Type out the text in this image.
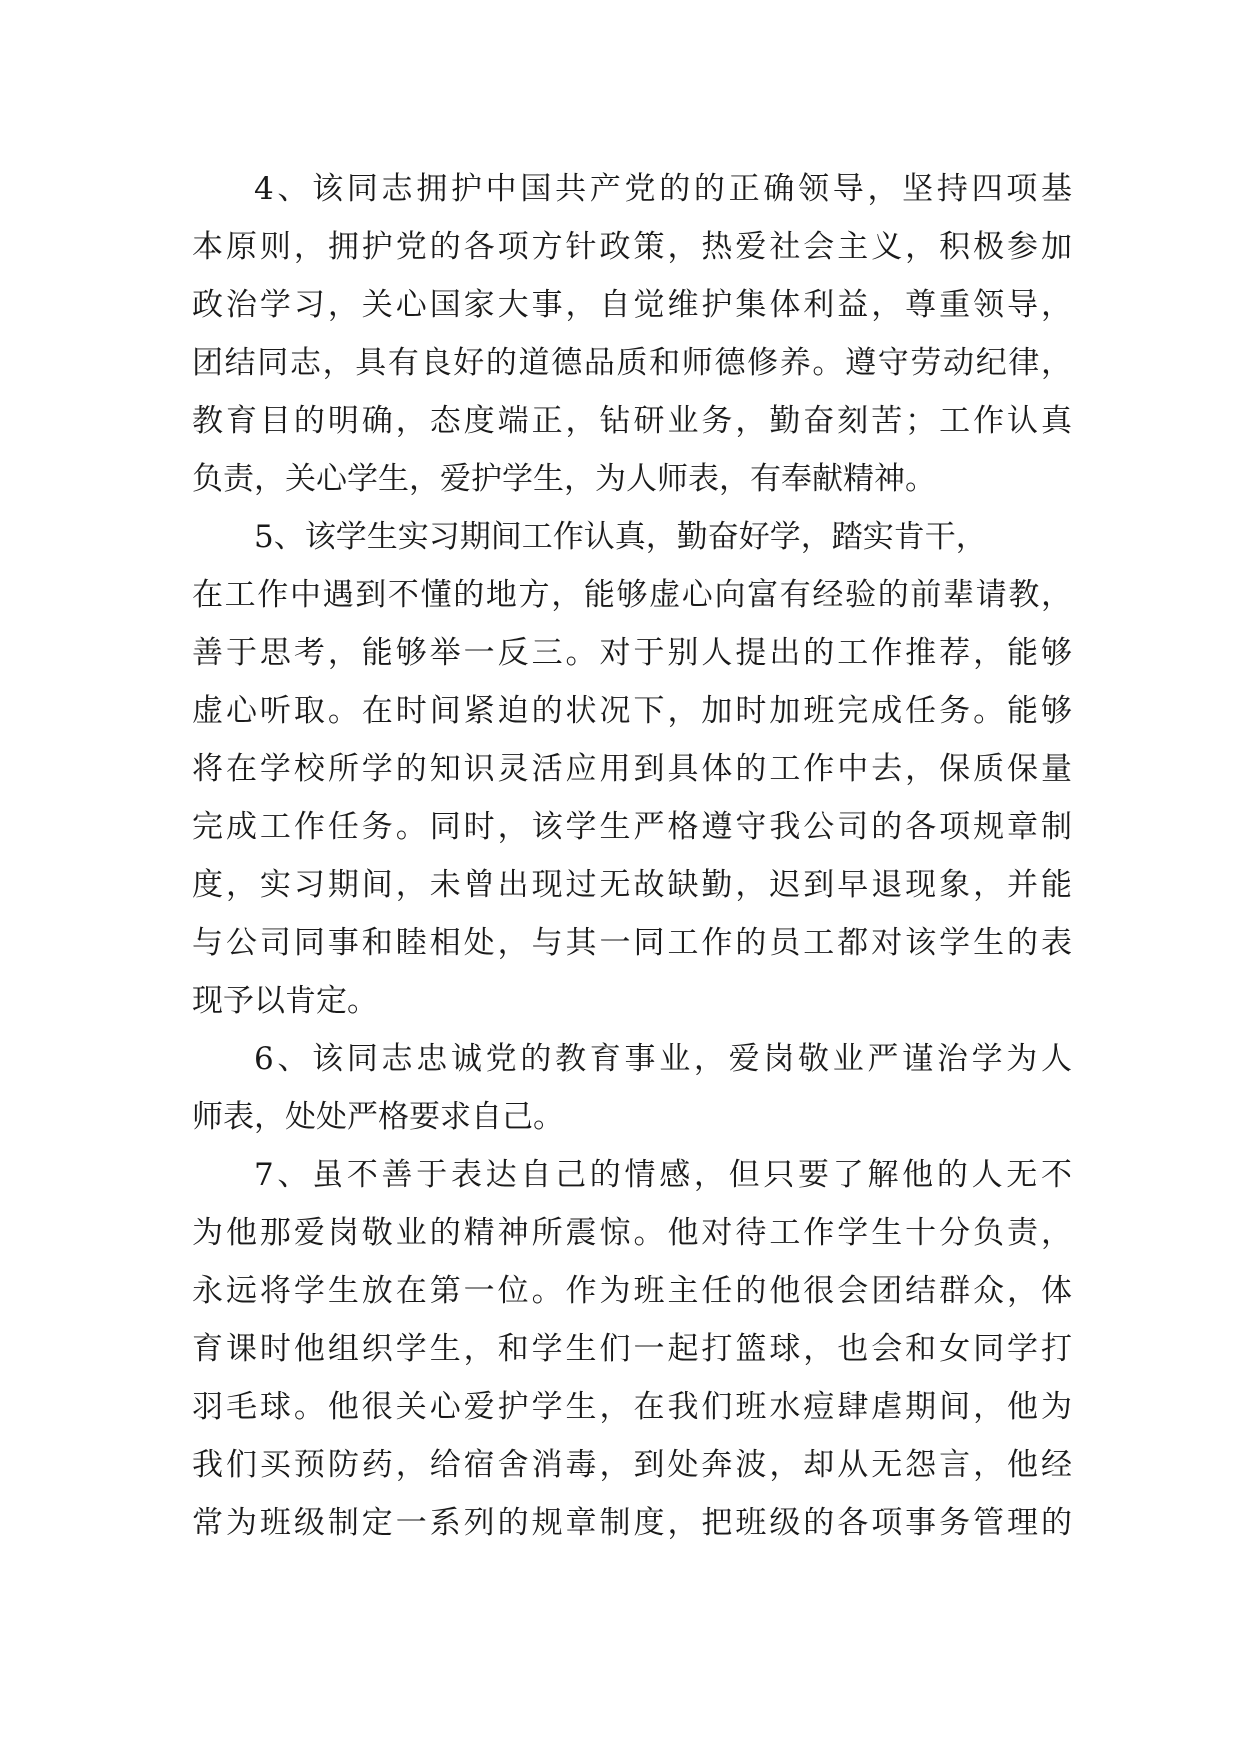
4、该同志拥护中国共产党的的正确领导，坚持四项基
本原则，拥护党的各项方针政策，热爱社会主义，积极参加
政治学习，关心国家大事，自觉维护集体利益，尊重领导，
团结同志，具有良好的道德品质和师德修养。遵守劳动纪律，
教育目的明确，态度端正，钻研业务，勤奋刻苦；工作认真
负责，关心学生，爱护学生，为人师表，有奉献精神。
5、该学生实习期间工作认真，勤奋好学，踏实肯干，
在工作中遇到不懂的地方，能够虚心向富有经验的前辈请教，
善于思考，能够举一反三。对于别人提出的工作推荐，能够
虚心听取。在时间紧迫的状况下，加时加班完成任务。能够
将在学校所学的知识灵活应用到具体的工作中去，保质保量
完成工作任务。同时，该学生严格遵守我公司的各项规章制
度，实习期间，未曾出现过无故缺勤，迟到早退现象，并能
与公司同事和睦相处，与其一同工作的员工都对该学生的表
现予以肯定。
6、该同志忠诚党的教育事业，爱岗敬业严谨治学为人
师表，处处严格要求自己。
7、虽不善于表达自己的情感，但只要了解他的人无不
为他那爱岗敬业的精神所震惊。他对待工作学生十分负责，
永远将学生放在第一位。作为班主任的他很会团结群众，体
育课时他组织学生，和学生们一起打篮球，也会和女同学打
羽毛球。他很关心爱护学生，在我们班水痘肆虐期间，他为
我们买预防药，给宿舍消毒，到处奔波，却从无怨言，他经
常为班级制定一系列的规章制度，把班级的各项事务管理的
